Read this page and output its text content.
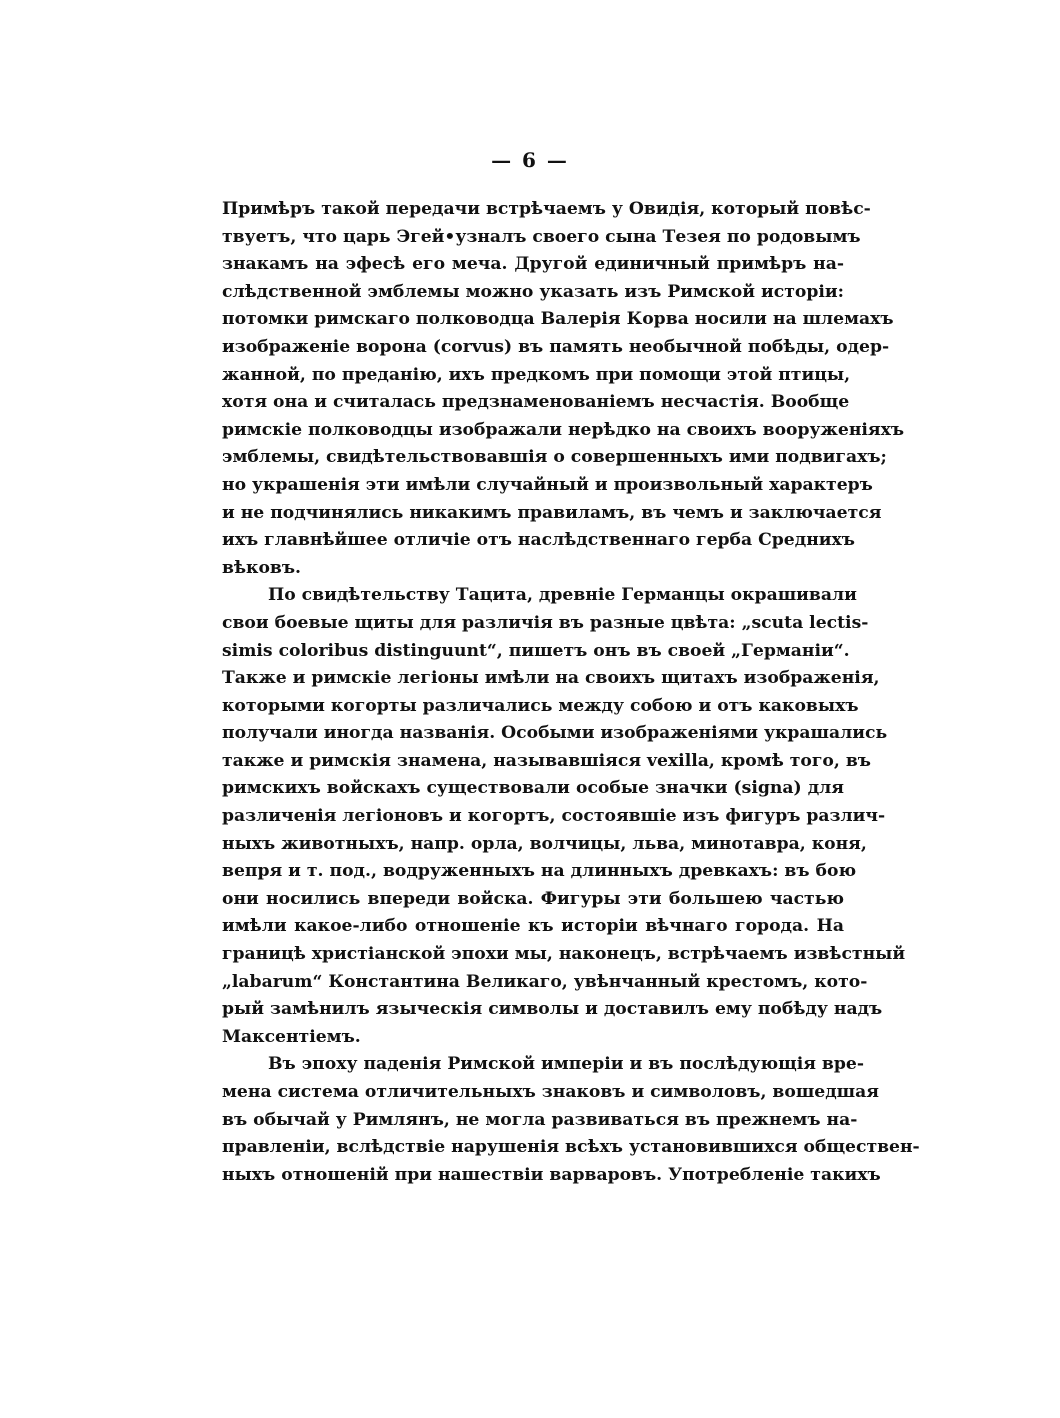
— 6 —
Примѣръ такой передачи встрѣчаемъ у Овидія, который повѣс-
твуетъ, что царь Эгей•узналъ своего сына Тезея по родовымъ
знакамъ на эфесѣ его меча. Другой единичный примѣръ на-
слѣдственной эмблемы можно указать изъ Римской исторіи:
потомки римскаго полководца Валерія Корва носили на шлемахъ
изображеніе ворона (corvus) въ память необычной побѣды, одер-
жанной, по преданію, ихъ предкомъ при помощи этой птицы,
хотя она и считалась предзнаменованіемъ несчастія. Вообще
римскіе полководцы изображали нерѣдко на своихъ вооруженіяхъ
эмблемы, свидѣтельствовавшія о совершенныхъ ими подвигахъ;
но украшенія эти имѣли случайный и произвольный характеръ
и не подчинялись никакимъ правиламъ, въ чемъ и заключается
ихъ главнѣйшее отличіе отъ наслѣдственнаго герба Среднихъ
вѣковъ.
По свидѣтельству Тацита, древніе Германцы окрашивали
свои боевые щиты для различія въ разные цвѣта: „scuta lectis-
simis coloribus distinguunt“, пишетъ онъ въ своей „Германіи“.
Также и римскіе легіоны имѣли на своихъ щитахъ изображенія,
которыми когорты различались между собою и отъ каковыхъ
получали иногда названія. Особыми изображеніями украшались
также и римскія знамена, называвшіяся vexilla, кромѣ того, въ
римскихъ войскахъ существовали особые значки (signa) для
различенія легіоновъ и когортъ, состоявшіе изъ фигуръ различ-
ныхъ животныхъ, напр. орла, волчицы, льва, минотавра, коня,
вепря и т. под., водруженныхъ на длинныхъ древкахъ: въ бою
они носились впереди войска. Фигуры эти большею частью
имѣли какое-либо отношеніе къ исторіи вѣчнаго города. На
границѣ христіанской эпохи мы, наконецъ, встрѣчаемъ извѣстный
„labarum“ Константина Великаго, увѣнчанный крестомъ, кото-
рый замѣнилъ языческія символы и доставилъ ему побѣду надъ
Максентіемъ.
Въ эпоху паденія Римской имперіи и въ послѣдующія вре-
мена система отличительныхъ знаковъ и символовъ, вошедшая
въ обычай у Римлянъ, не могла развиваться въ прежнемъ на-
правленіи, вслѣдствіе нарушенія всѣхъ установившихся обществен-
ныхъ отношеній при нашествіи варваровъ. Употребленіе такихъ
